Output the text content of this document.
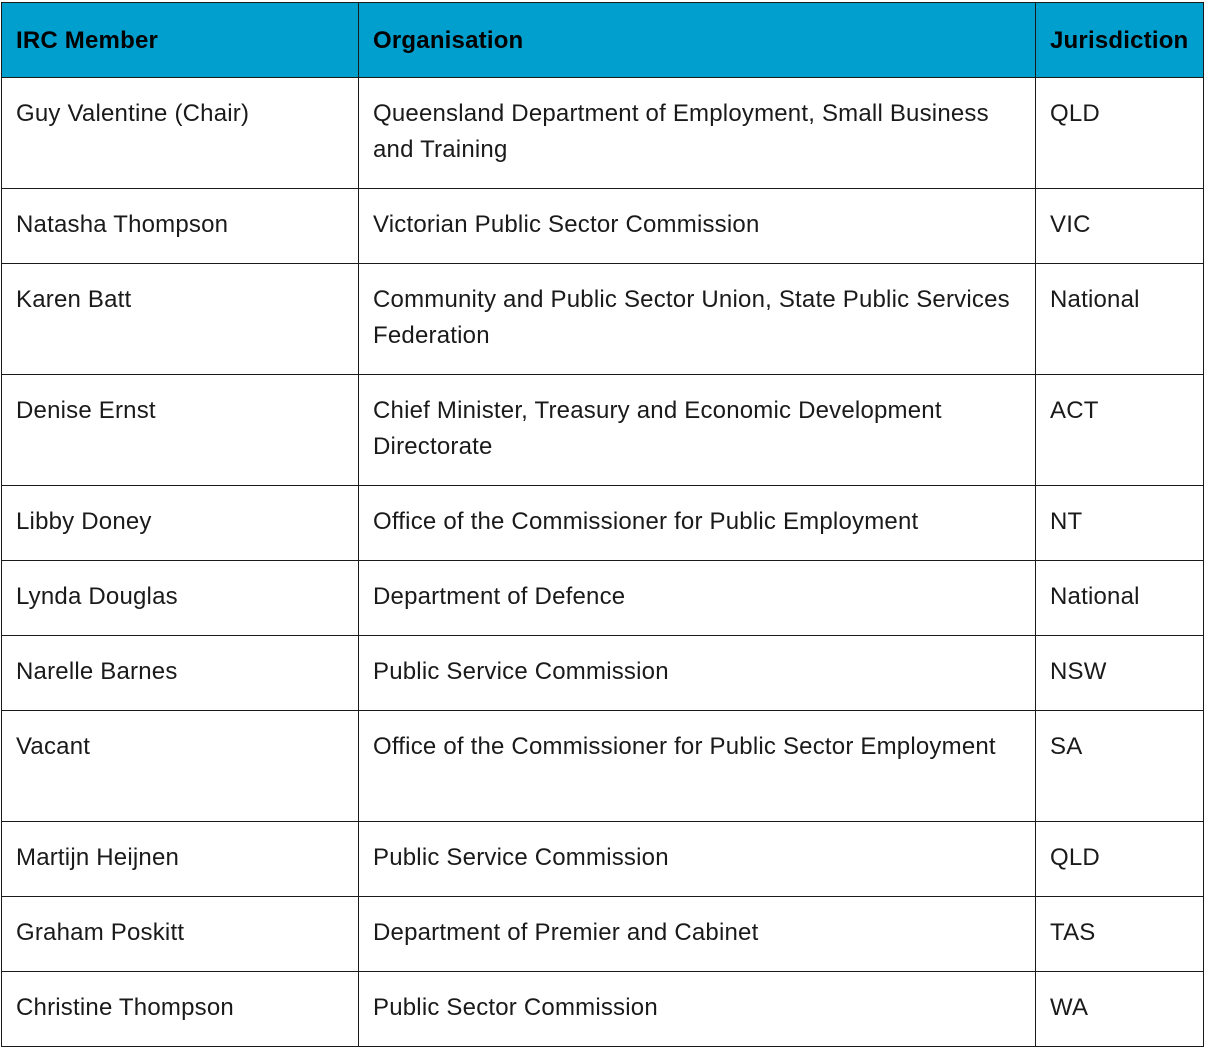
IRC Member	Organisation	Jurisdiction
Guy Valentine (Chair)	Queensland Department of Employment, Small Business and Training	QLD
Natasha Thompson	Victorian Public Sector Commission	VIC
Karen Batt	Community and Public Sector Union, State Public Services Federation	National
Denise Ernst	Chief Minister, Treasury and Economic Development Directorate	ACT
Libby Doney	Office of the Commissioner for Public Employment	NT
Lynda Douglas	Department of Defence	National
Narelle Barnes	Public Service Commission	NSW
Vacant	Office of the Commissioner for Public Sector Employment	SA
Martijn Heijnen	Public Service Commission	QLD
Graham Poskitt	Department of Premier and Cabinet	TAS
Christine Thompson	Public Sector Commission	WA
